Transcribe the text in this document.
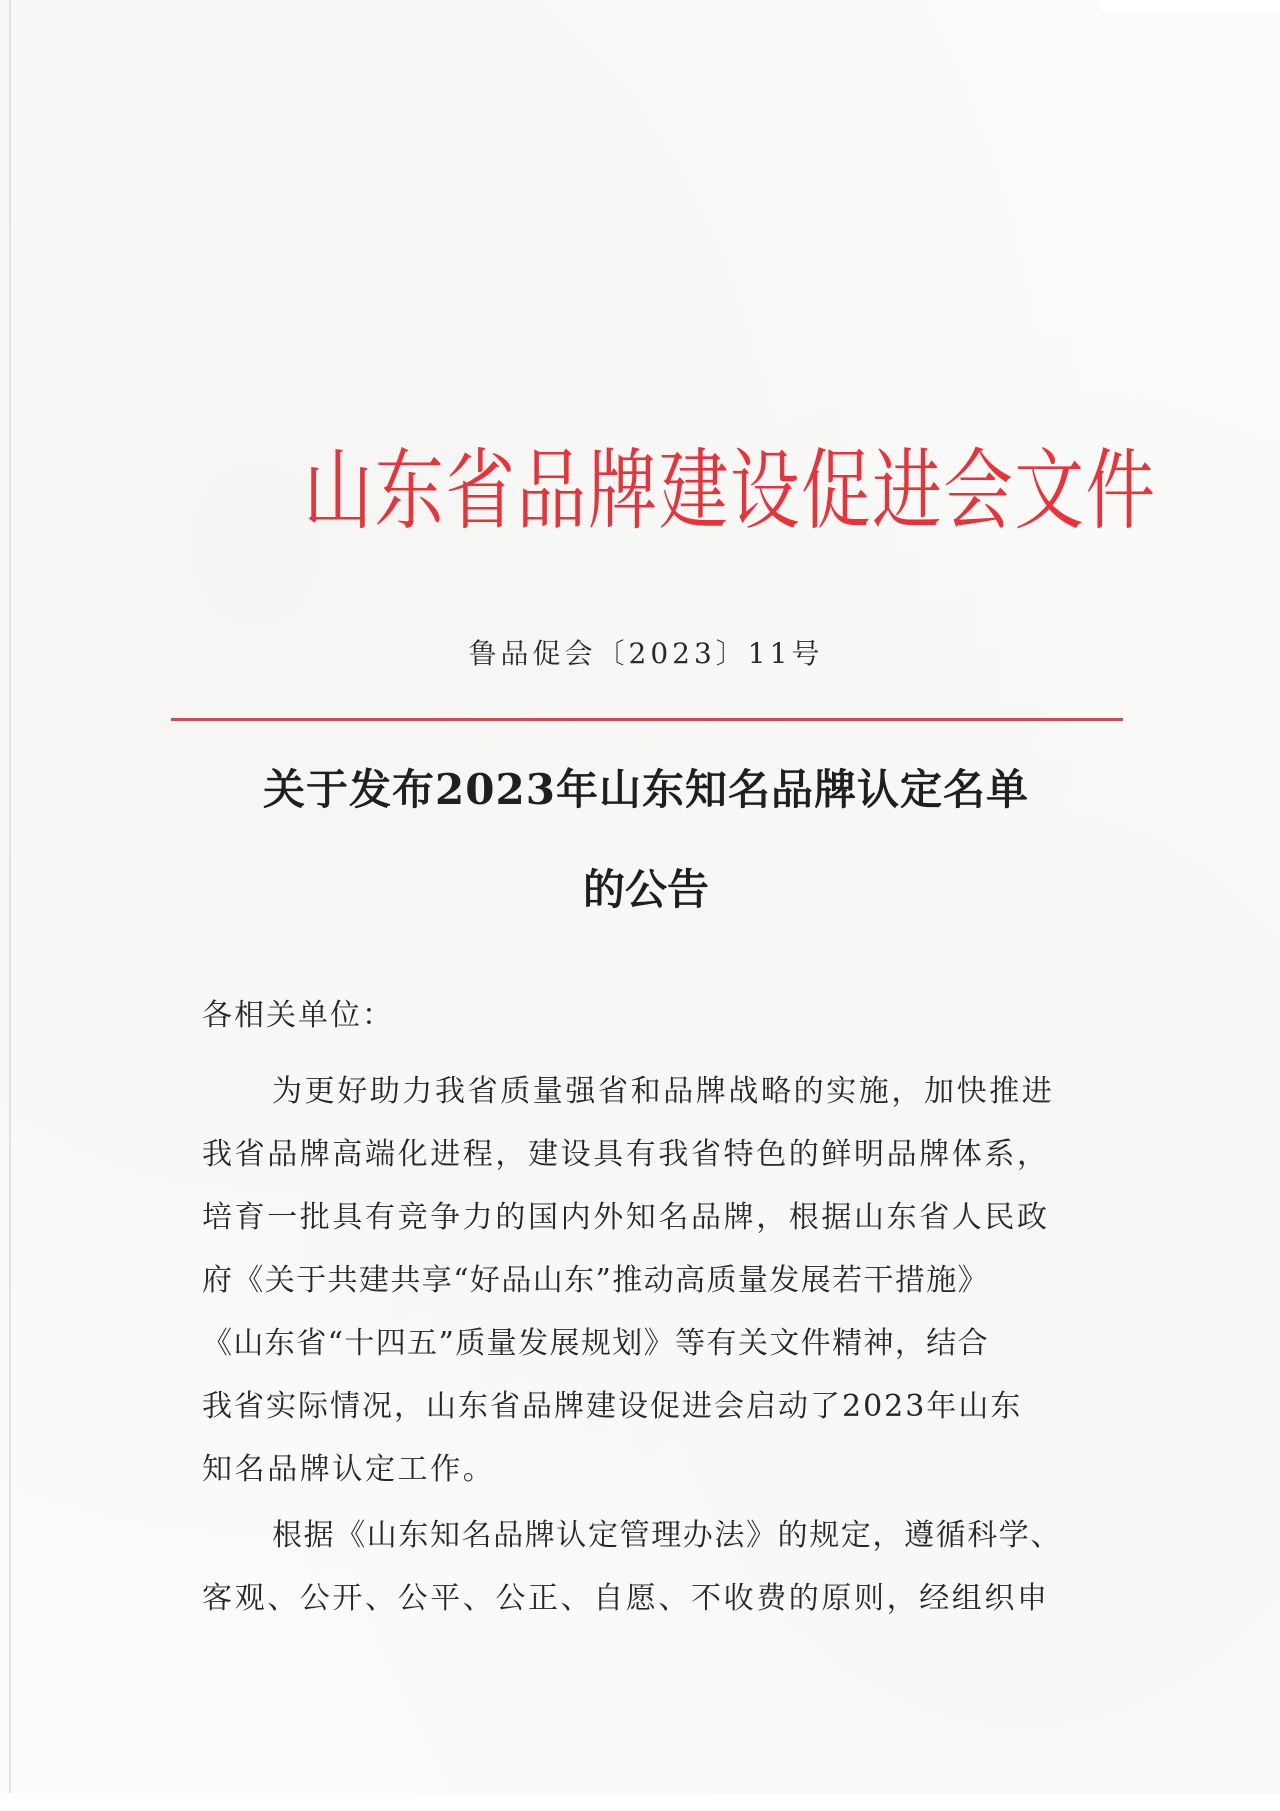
山东省品牌建设促进会文件
鲁品促会〔2023〕11号
关于发布2023年山东知名品牌认定名单
的公告
各相关单位：
为更好助力我省质量强省和品牌战略的实施，加快推进
我省品牌高端化进程，建设具有我省特色的鲜明品牌体系，
培育一批具有竞争力的国内外知名品牌，根据山东省人民政
府《关于共建共享“好品山东”推动高质量发展若干措施》
《山东省“十四五”质量发展规划》等有关文件精神，结合
我省实际情况，山东省品牌建设促进会启动了2023年山东
知名品牌认定工作。
根据《山东知名品牌认定管理办法》的规定，遵循科学、
客观、公开、公平、公正、自愿、不收费的原则，经组织申
